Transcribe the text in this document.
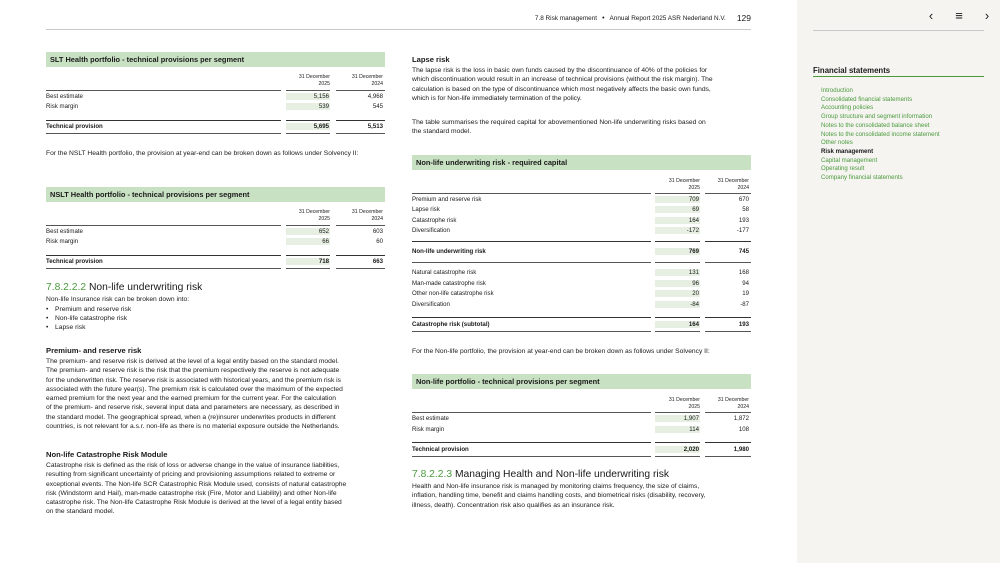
7.8 Risk management • Annual Report 2025 ASR Nederland N.V. 129
SLT Health portfolio - technical provisions per segment
31 December
2025
31 December
2024
Best estimate	5,156	4,968
Risk margin	539	545
Technical provision	5,695	5,513
For the NSLT Health portfolio, the provision at year-end can be broken down as follows under Solvency II:
NSLT Health portfolio - technical provisions per segment
31 December
2025
31 December
2024
Best estimate	652	603
Risk margin	66	60
Technical provision	718	663
7.8.2.2.2 Non-life underwriting risk
Non-life Insurance risk can be broken down into:
• Premium and reserve risk
• Non-life catastrophe risk
• Lapse risk
Premium- and reserve risk
The premium- and reserve risk is derived at the level of a legal entity based on the standard model.
The premium- and reserve risk is the risk that the premium respectively the reserve is not adequate
for the underwritten risk. The reserve risk is associated with historical years, and the premium risk is
associated with the future year(s). The premium risk is calculated over the maximum of the expected
earned premium for the next year and the earned premium for the current year. For the calculation
of the premium- and reserve risk, several input data and parameters are necessary, as described in
the standard model. The geographical spread, when a (re)insurer underwrites products in different
countries, is not relevant for a.s.r. non-life as there is no material exposure outside the Netherlands.
Non-life Catastrophe Risk Module
Catastrophe risk is defined as the risk of loss or adverse change in the value of insurance liabilities,
resulting from significant uncertainty of pricing and provisioning assumptions related to extreme or
exceptional events. The Non-life SCR Catastrophic Risk Module used, consists of natural catastrophe
risk (Windstorm and Hail), man-made catastrophe risk (Fire, Motor and Liability) and other Non-life
catastrophe risk. The Non-life Catastrophe Risk Module is derived at the level of a legal entity based
on the standard model.
Lapse risk
The lapse risk is the loss in basic own funds caused by the discontinuance of 40% of the policies for
which discontinuation would result in an increase of technical provisions (without the risk margin). The
calculation is based on the type of discontinuance which most negatively affects the basic own funds,
which is for Non-life immediately termination of the policy.
The table summarises the required capital for abovementioned Non-life underwriting risks based on
the standard model.
Non-life underwriting risk - required capital
31 December
2025
31 December
2024
Premium and reserve risk	709	670
Lapse risk	69	58
Catastrophe risk	164	193
Diversification	-172	-177
Non-life underwriting risk	769	745
Natural catastrophe risk	131	168
Man-made catastrophe risk	96	94
Other non-life catastrophe risk	20	19
Diversification	-84	-87
Catastrophe risk (subtotal)	164	193
For the Non-life portfolio, the provision at year-end can be broken down as follows under Solvency II:
Non-life portfolio - technical provisions per segment
31 December
2025
31 December
2024
Best estimate	1,907	1,872
Risk margin	114	108
Technical provision	2,020	1,980
7.8.2.2.3 Managing Health and Non-life underwriting risk
Health and Non-life insurance risk is managed by monitoring claims frequency, the size of claims,
inflation, handling time, benefit and claims handling costs, and biometrical risks (disability, recovery,
illness, death). Concentration risk also qualifies as an insurance risk.
‹	≡	›
Financial statements
Introduction
Consolidated financial statements
Accounting policies
Group structure and segment information
Notes to the consolidated balance sheet
Notes to the consolidated income statement
Other notes
Risk management
Capital management
Operating result
Company financial statements
